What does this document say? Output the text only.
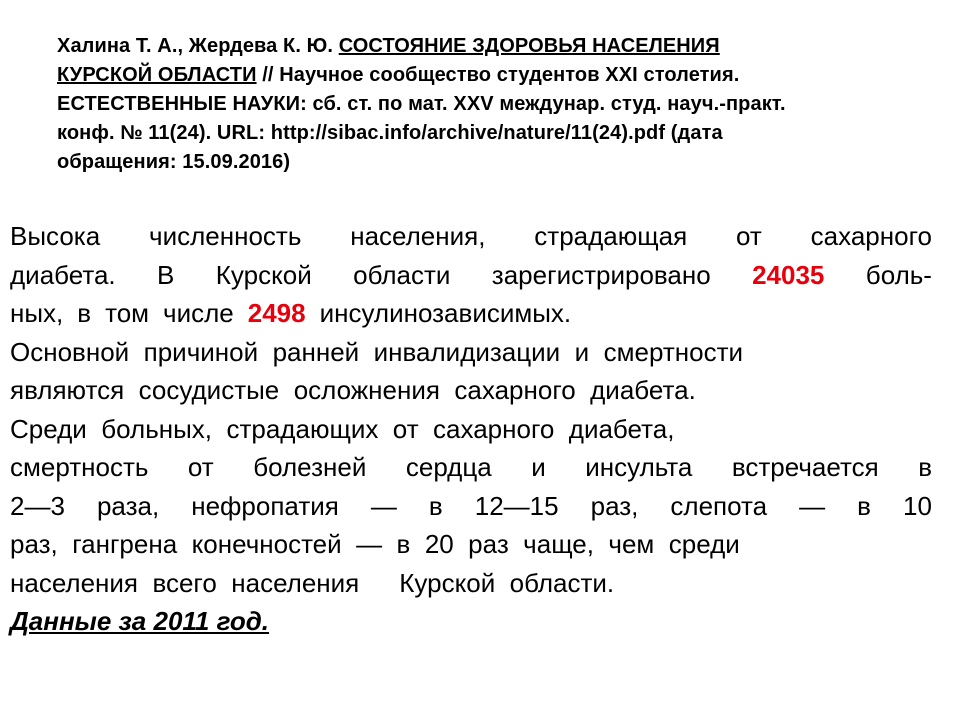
Халина Т. А., Жердева К. Ю. СОСТОЯНИЕ ЗДОРОВЬЯ НАСЕЛЕНИЯ
КУРСКОЙ ОБЛАСТИ // Научное сообщество студентов XXI столетия.
ЕСТЕСТВЕННЫЕ НАУКИ: сб. ст. по мат. XXV междунар. студ. науч.-практ.
конф. № 11(24). URL: http://sibac.info/archive/nature/11(24).pdf (дата
обращения: 15.09.2016)
Высока численность населения, страдающая от сахарного
диабета. В Курской области зарегистрировано 24035 боль-
ных, в том числе 2498 инсулинозависимых.
Основной  причиной  ранней  инвалидизации  и  смертности
являются  сосудистые  осложнения  сахарного  диабета.
Среди  больных,  страдающих  от  сахарного  диабета,
смертность от болезней сердца и инсульта встречается в
2—3 раза, нефропатия — в 12—15 раз, слепота — в 10
раз,  гангрена  конечностей  —  в  20  раз  чаще,  чем  среди
населения  всего  населения Курской  области.
Данные за 2011 год.
